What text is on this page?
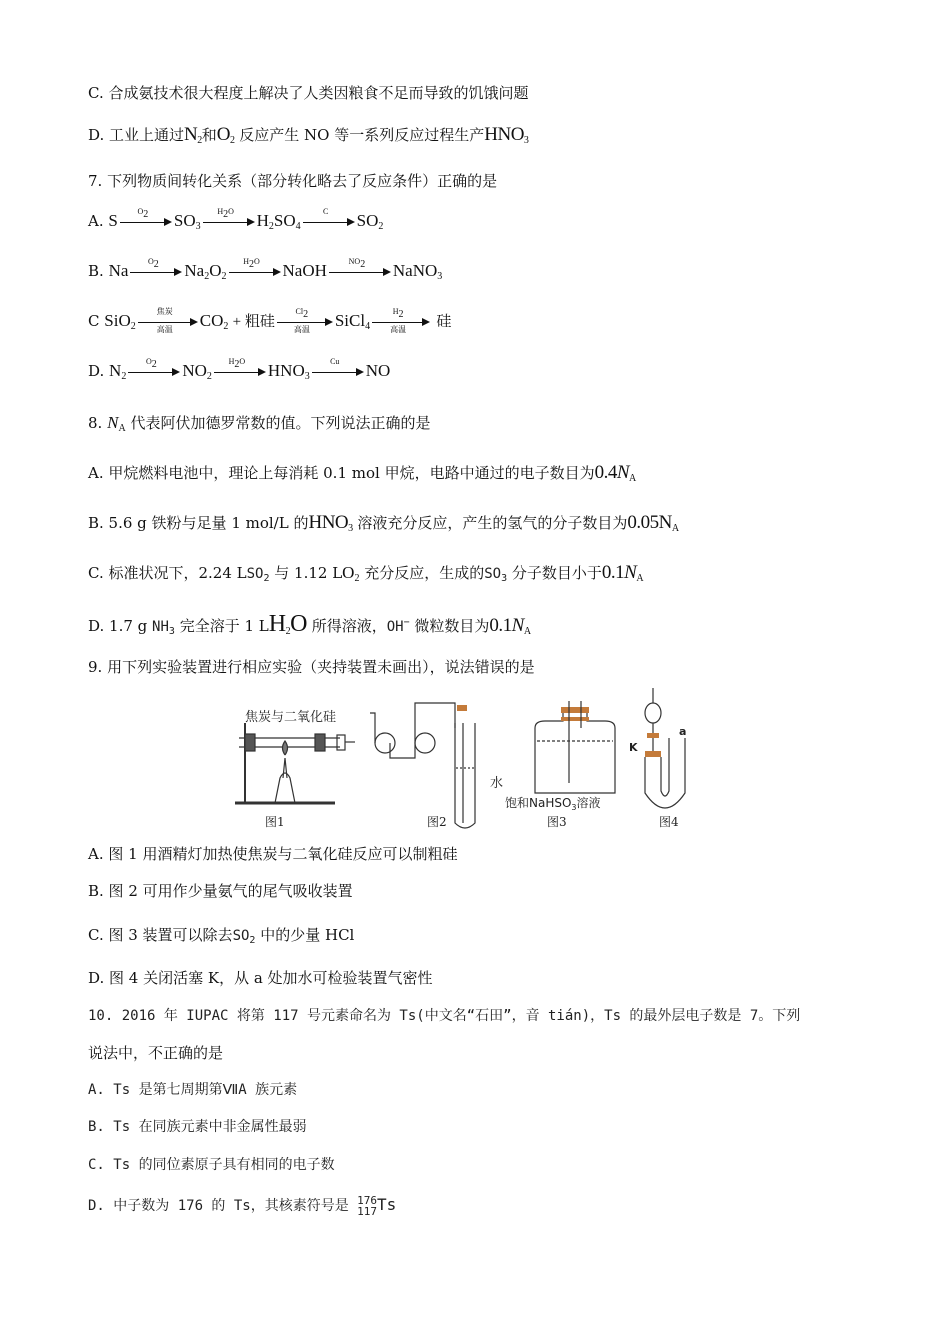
C. 合成氨技术很大程度上解决了人类因粮食不足而导致的饥饿问题
D. 工业上通过$N_2$和$O_2$ 反应产生 NO 等一系列反应过程生产$HNO_3$
7. 下列物质间转化关系（部分转化略去了反应条件）正确的是
A. S	O2	$SO_3$
H2O	$H_2SO_4$
C	$SO_2$
B. Na	O2	$Na_2O_2$
H2O	NaOH	NO2	NaNO$_3$
C SiO$_2$
焦炭
高温	$CO_2$ + 粗硅
Cl2
高温	SiCl$_4$
H2
高温	硅
D. $N_2$
O2	$NO_2$
H2O	$HNO_3$
Cu	NO
8. $N_A$ 代表阿伏加德罗常数的值。下列说法正确的是
A. 甲烷燃料电池中，理论上每消耗 0.1 mol 甲烷，电路中通过的电子数目为$0.4N_A$
B. 5.6 g 铁粉与足量 1 mol/L 的$HNO_3$ 溶液充分反应，产生的氢气的分子数目为$0.05N_A$
C. 标准状况下，2.24 $LSO_2$ 与 1.12 $LO_2$ 充分反应，生成的$SO_3$ 分子数目小于$0.1N_A$
D. 1.7 g $NH_3$ 完全溶于 1 $LH_2O$ 所得溶液，OH− 微粒数目为$0.1N_A$
9. 用下列实验装置进行相应实验（夹持装置未画出），说法错误的是
焦炭与二氧化硅
水
饱和NaHSO$_3$溶液
K
a
图1	图2	图3	图4
A. 图 1 用酒精灯加热使焦炭与二氧化硅反应可以制粗硅
B. 图 2 可用作少量氨气的尾气吸收装置
C. 图 3 装置可以除去$SO_2$ 中的少量 HCl
D. 图 4 关闭活塞 K，从 a 处加水可检验装置气密性
10. 2016 年 IUPAC 将第 117 号元素命名为 Ts(中文名“石田”，音 tián)，Ts 的最外层电子数是 7。下列
说法中，不正确的是
A. Ts 是第七周期第ⅦA 族元素
B. Ts 在同族元素中非金属性最弱
C. Ts 的同位素原子具有相同的电子数
D. 中子数为 176 的 Ts，其核素符号是 176
117 Ts
